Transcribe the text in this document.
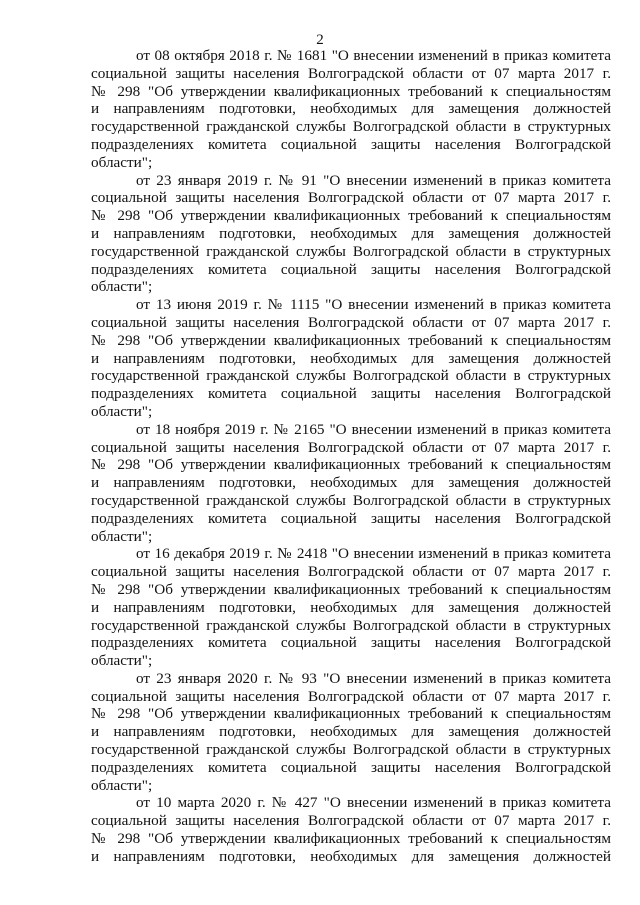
2
от 08 октября 2018 г. № 1681 "О внесении изменений в приказ комитета
социальной защиты населения Волгоградской области от 07 марта 2017 г.
№ 298 "Об утверждении квалификационных требований к специальностям
и направлениям подготовки, необходимых для замещения должностей
государственной гражданской службы Волгоградской области в структурных
подразделениях комитета социальной защиты населения Волгоградской
области";
от 23 января 2019 г. № 91 "О внесении изменений в приказ комитета
социальной защиты населения Волгоградской области от 07 марта 2017 г.
№ 298 "Об утверждении квалификационных требований к специальностям
и направлениям подготовки, необходимых для замещения должностей
государственной гражданской службы Волгоградской области в структурных
подразделениях комитета социальной защиты населения Волгоградской
области";
от 13 июня 2019 г. № 1115 "О внесении изменений в приказ комитета
социальной защиты населения Волгоградской области от 07 марта 2017 г.
№ 298 "Об утверждении квалификационных требований к специальностям
и направлениям подготовки, необходимых для замещения должностей
государственной гражданской службы Волгоградской области в структурных
подразделениях комитета социальной защиты населения Волгоградской
области";
от 18 ноября 2019 г. № 2165 "О внесении изменений в приказ комитета
социальной защиты населения Волгоградской области от 07 марта 2017 г.
№ 298 "Об утверждении квалификационных требований к специальностям
и направлениям подготовки, необходимых для замещения должностей
государственной гражданской службы Волгоградской области в структурных
подразделениях комитета социальной защиты населения Волгоградской
области";
от 16 декабря 2019 г. № 2418 "О внесении изменений в приказ комитета
социальной защиты населения Волгоградской области от 07 марта 2017 г.
№ 298 "Об утверждении квалификационных требований к специальностям
и направлениям подготовки, необходимых для замещения должностей
государственной гражданской службы Волгоградской области в структурных
подразделениях комитета социальной защиты населения Волгоградской
области";
от 23 января 2020 г. № 93 "О внесении изменений в приказ комитета
социальной защиты населения Волгоградской области от 07 марта 2017 г.
№ 298 "Об утверждении квалификационных требований к специальностям
и направлениям подготовки, необходимых для замещения должностей
государственной гражданской службы Волгоградской области в структурных
подразделениях комитета социальной защиты населения Волгоградской
области";
от 10 марта 2020 г. № 427 "О внесении изменений в приказ комитета
социальной защиты населения Волгоградской области от 07 марта 2017 г.
№ 298 "Об утверждении квалификационных требований к специальностям
и направлениям подготовки, необходимых для замещения должностей
